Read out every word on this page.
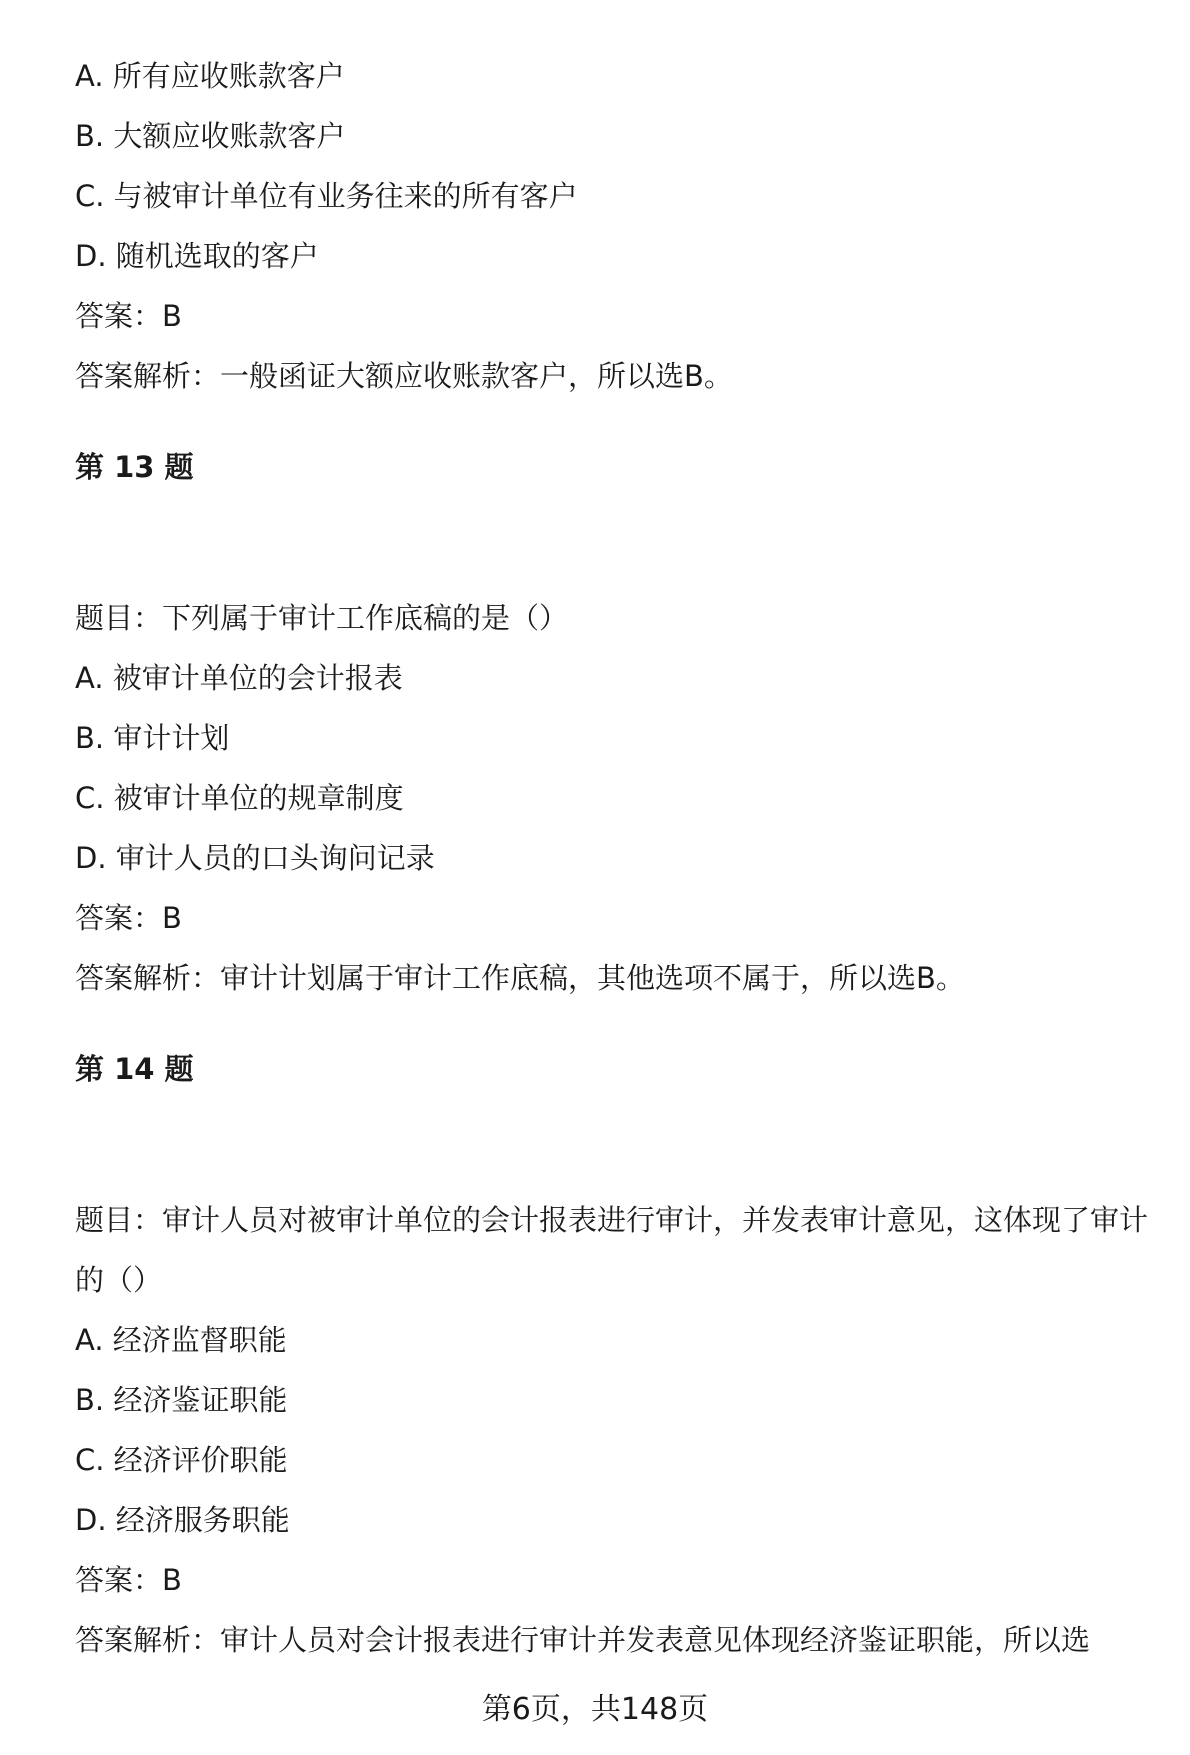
A. 所有应收账款客户

B. 大额应收账款客户

C. 与被审计单位有业务往来的所有客户

D. 随机选取的客户

答案：B

答案解析：一般函证大额应收账款客户，所以选B。

第 13 题

题目：下列属于审计工作底稿的是（）

A. 被审计单位的会计报表

B. 审计计划

C. 被审计单位的规章制度

D. 审计人员的口头询问记录

答案：B

答案解析：审计计划属于审计工作底稿，其他选项不属于，所以选B。

第 14 题

题目：审计人员对被审计单位的会计报表进行审计，并发表审计意见，这体现了审计的（）

A. 经济监督职能

B. 经济鉴证职能

C. 经济评价职能

D. 经济服务职能

答案：B

答案解析：审计人员对会计报表进行审计并发表意见体现经济鉴证职能，所以选

第6页，共148页
